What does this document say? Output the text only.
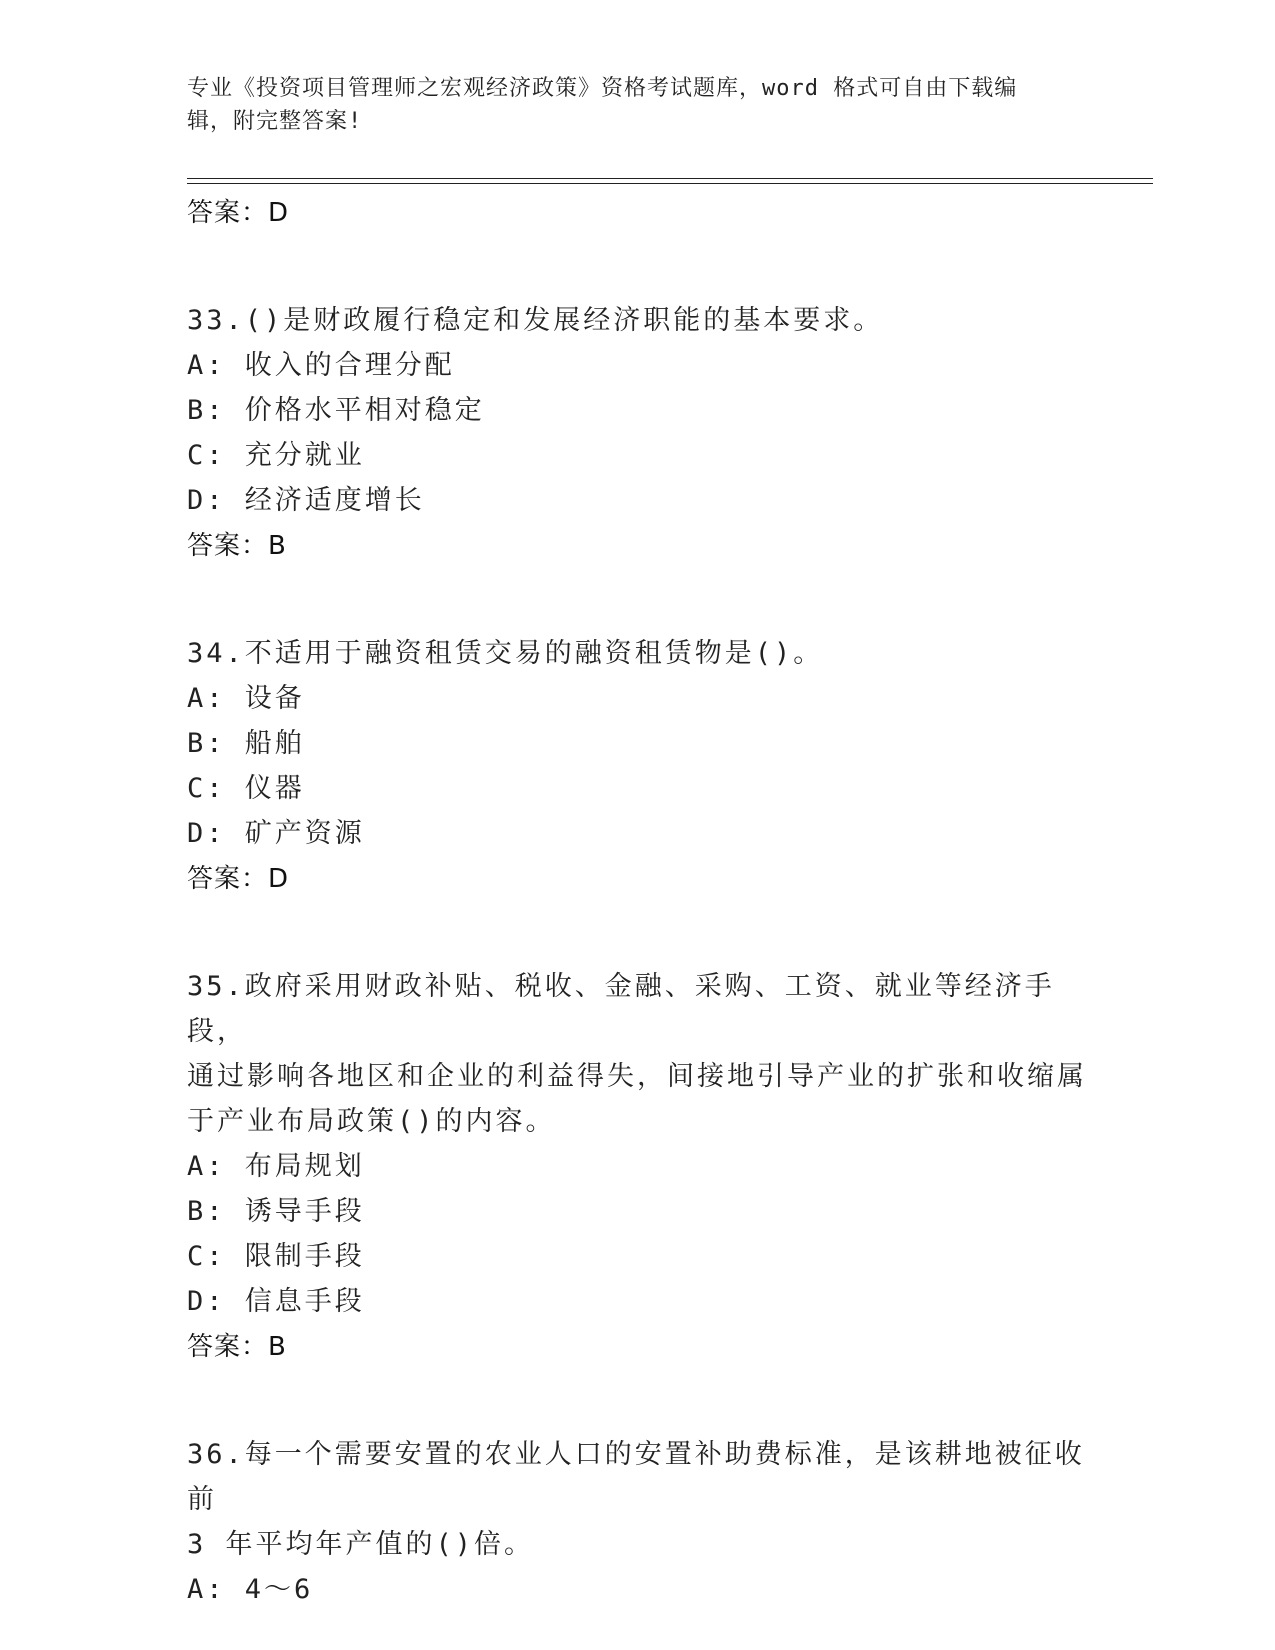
专业《投资项目管理师之宏观经济政策》资格考试题库，word 格式可自由下载编
辑，附完整答案!
答案：D
33.()是财政履行稳定和发展经济职能的基本要求。
A: 收入的合理分配
B: 价格水平相对稳定
C: 充分就业
D: 经济适度增长
答案：B
34.不适用于融资租赁交易的融资租赁物是()。
A: 设备
B: 船舶
C: 仪器
D: 矿产资源
答案：D
35.政府采用财政补贴、税收、金融、采购、工资、就业等经济手段，
通过影响各地区和企业的利益得失，间接地引导产业的扩张和收缩属
于产业布局政策()的内容。
A: 布局规划
B: 诱导手段
C: 限制手段
D: 信息手段
答案：B
36.每一个需要安置的农业人口的安置补助费标准，是该耕地被征收前
3 年平均年产值的()倍。
A: 4～6
